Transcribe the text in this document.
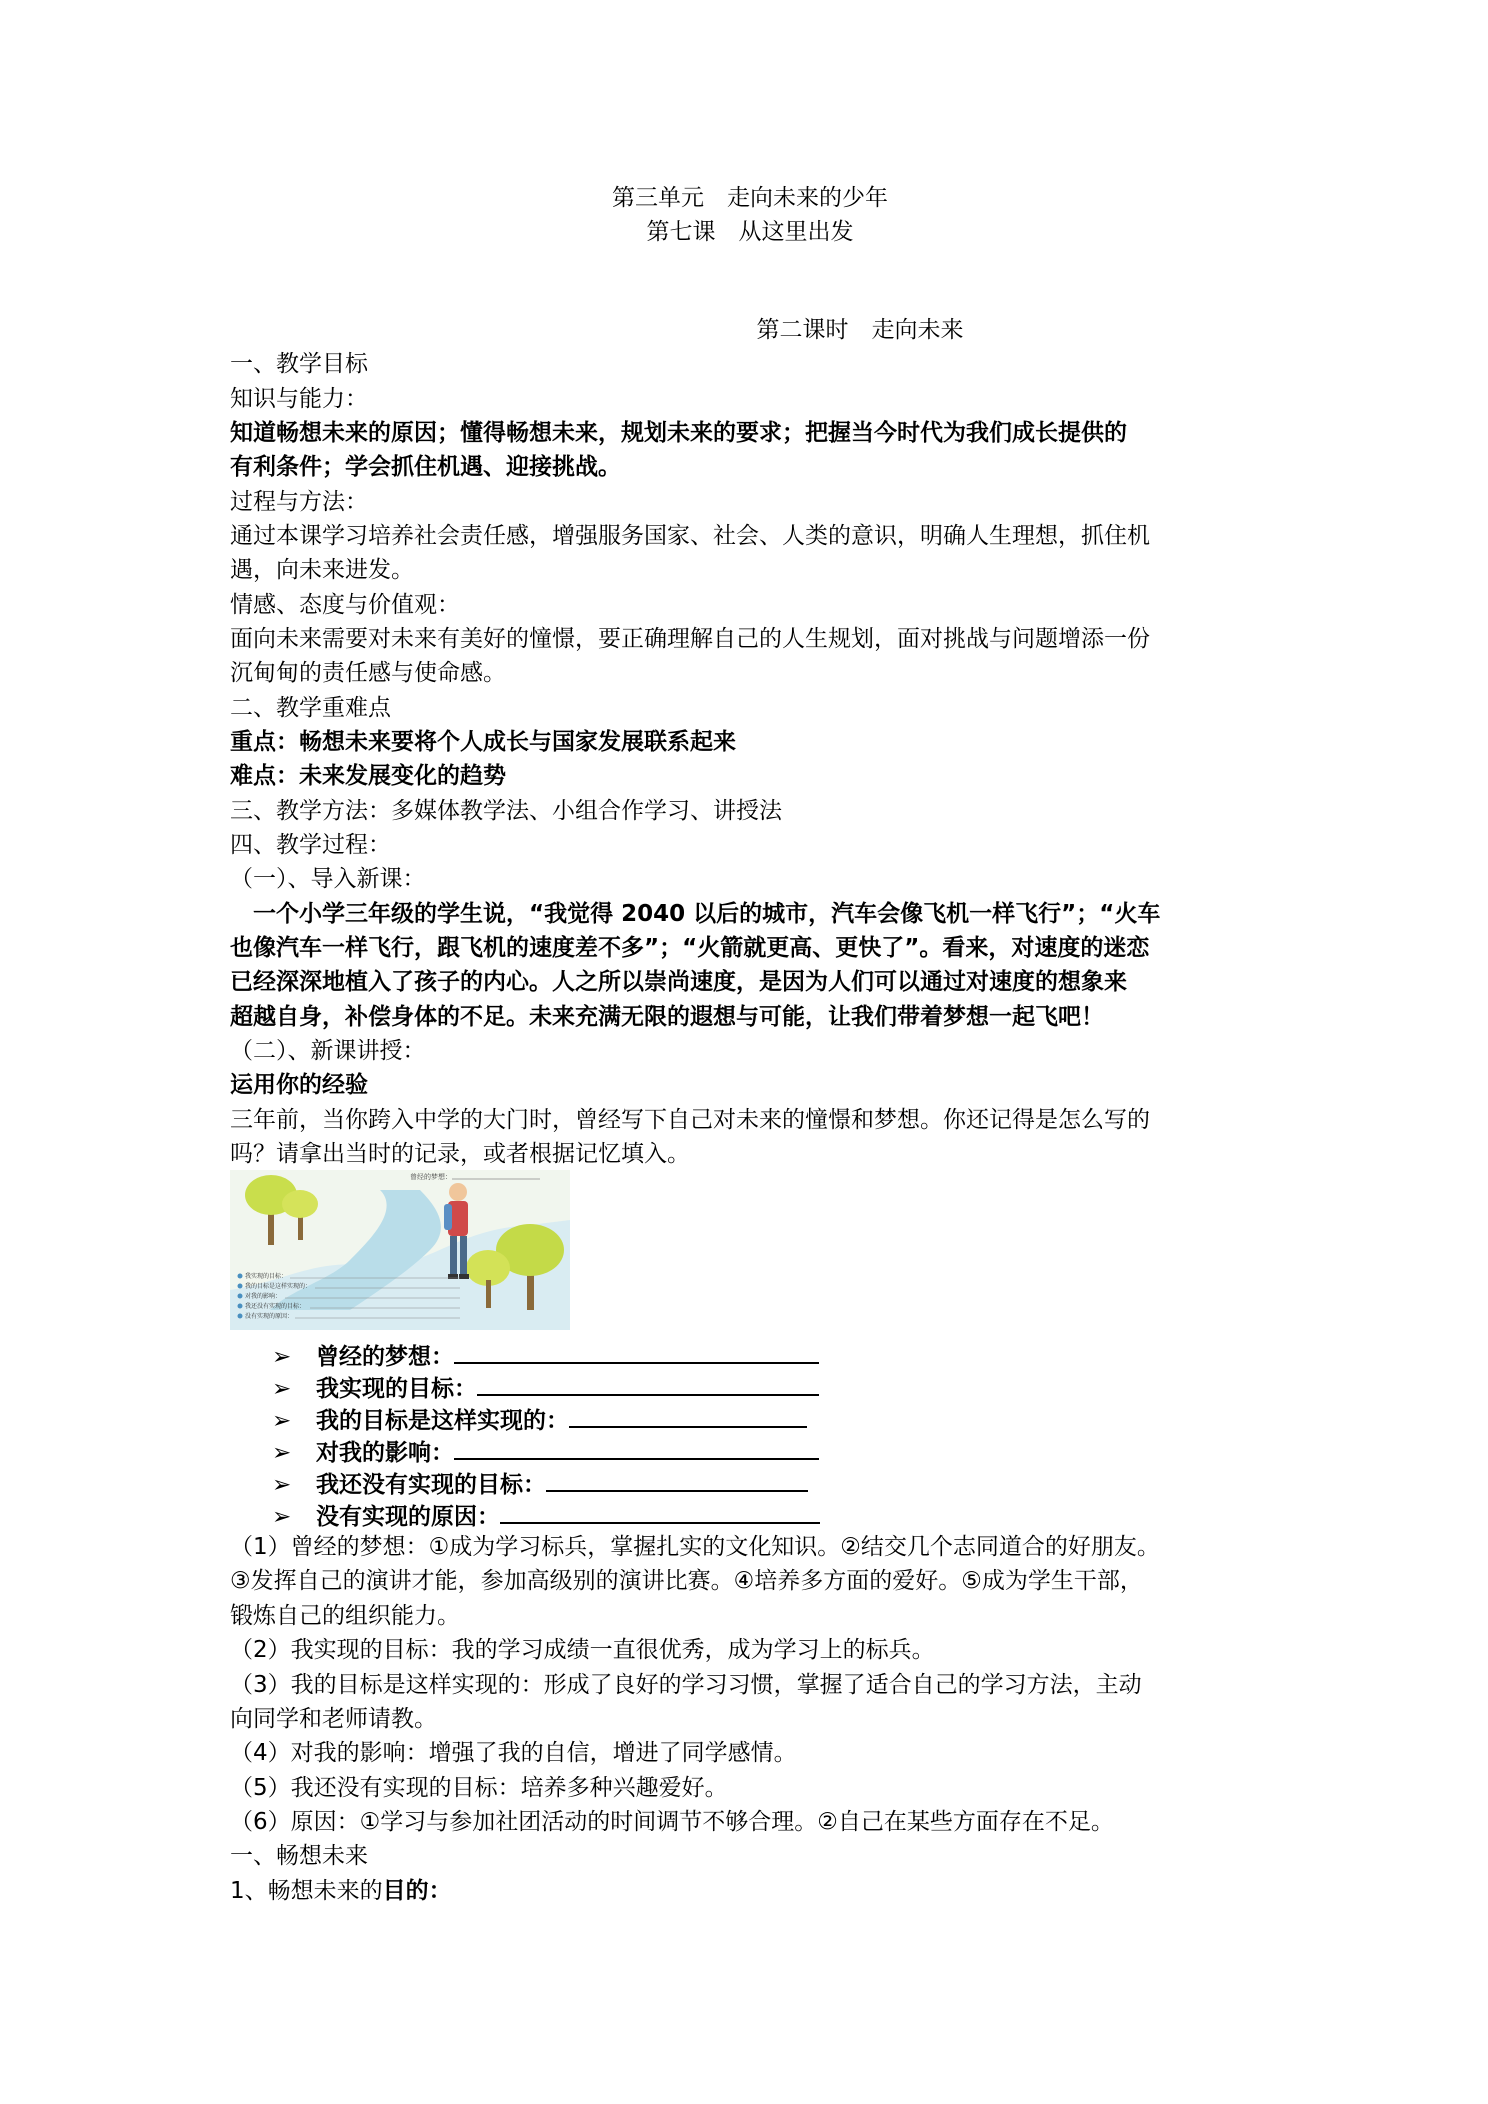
第三单元　走向未来的少年
第七课　从这里出发
第二课时　走向未来
一、教学目标
知识与能力：
知道畅想未来的原因；懂得畅想未来，规划未来的要求；把握当今时代为我们成长提供的
有利条件；学会抓住机遇、迎接挑战。
过程与方法：
通过本课学习培养社会责任感，增强服务国家、社会、人类的意识，明确人生理想，抓住机
遇，向未来进发。
情感、态度与价值观：
面向未来需要对未来有美好的憧憬，要正确理解自己的人生规划，面对挑战与问题增添一份
沉甸甸的责任感与使命感。
二、教学重难点
重点：畅想未来要将个人成长与国家发展联系起来
难点：未来发展变化的趋势
三、教学方法：多媒体教学法、小组合作学习、讲授法
四、教学过程：
（一）、导入新课：
　一个小学三年级的学生说，“我觉得 2040 以后的城市，汽车会像飞机一样飞行”；“火车
也像汽车一样飞行，跟飞机的速度差不多”；“火箭就更高、更快了”。看来，对速度的迷恋
已经深深地植入了孩子的内心。人之所以崇尚速度，是因为人们可以通过对速度的想象来
超越自身，补偿身体的不足。未来充满无限的遐想与可能，让我们带着梦想一起飞吧！
（二）、新课讲授：
运用你的经验
三年前，当你跨入中学的大门时，曾经写下自己对未来的憧憬和梦想。你还记得是怎么写的
吗？请拿出当时的记录，或者根据记忆填入。
曾经的梦想：
我实现的目标：
我的目标是这样实现的：
对我的影响：
我还没有实现的目标：
没有实现的原因：
➢ 曾经的梦想：
➢ 我实现的目标：
➢ 我的目标是这样实现的：
➢ 对我的影响：
➢ 我还没有实现的目标：
➢ 没有实现的原因：
（1）曾经的梦想：①成为学习标兵，掌握扎实的文化知识。②结交几个志同道合的好朋友。
③发挥自己的演讲才能，参加高级别的演讲比赛。④培养多方面的爱好。⑤成为学生干部，
锻炼自己的组织能力。
（2）我实现的目标：我的学习成绩一直很优秀，成为学习上的标兵。
（3）我的目标是这样实现的：形成了良好的学习习惯，掌握了适合自己的学习方法，主动
向同学和老师请教。
（4）对我的影响：增强了我的自信，增进了同学感情。
（5）我还没有实现的目标：培养多种兴趣爱好。
（6）原因：①学习与参加社团活动的时间调节不够合理。②自己在某些方面存在不足。
一、畅想未来
1、畅想未来的目的：
